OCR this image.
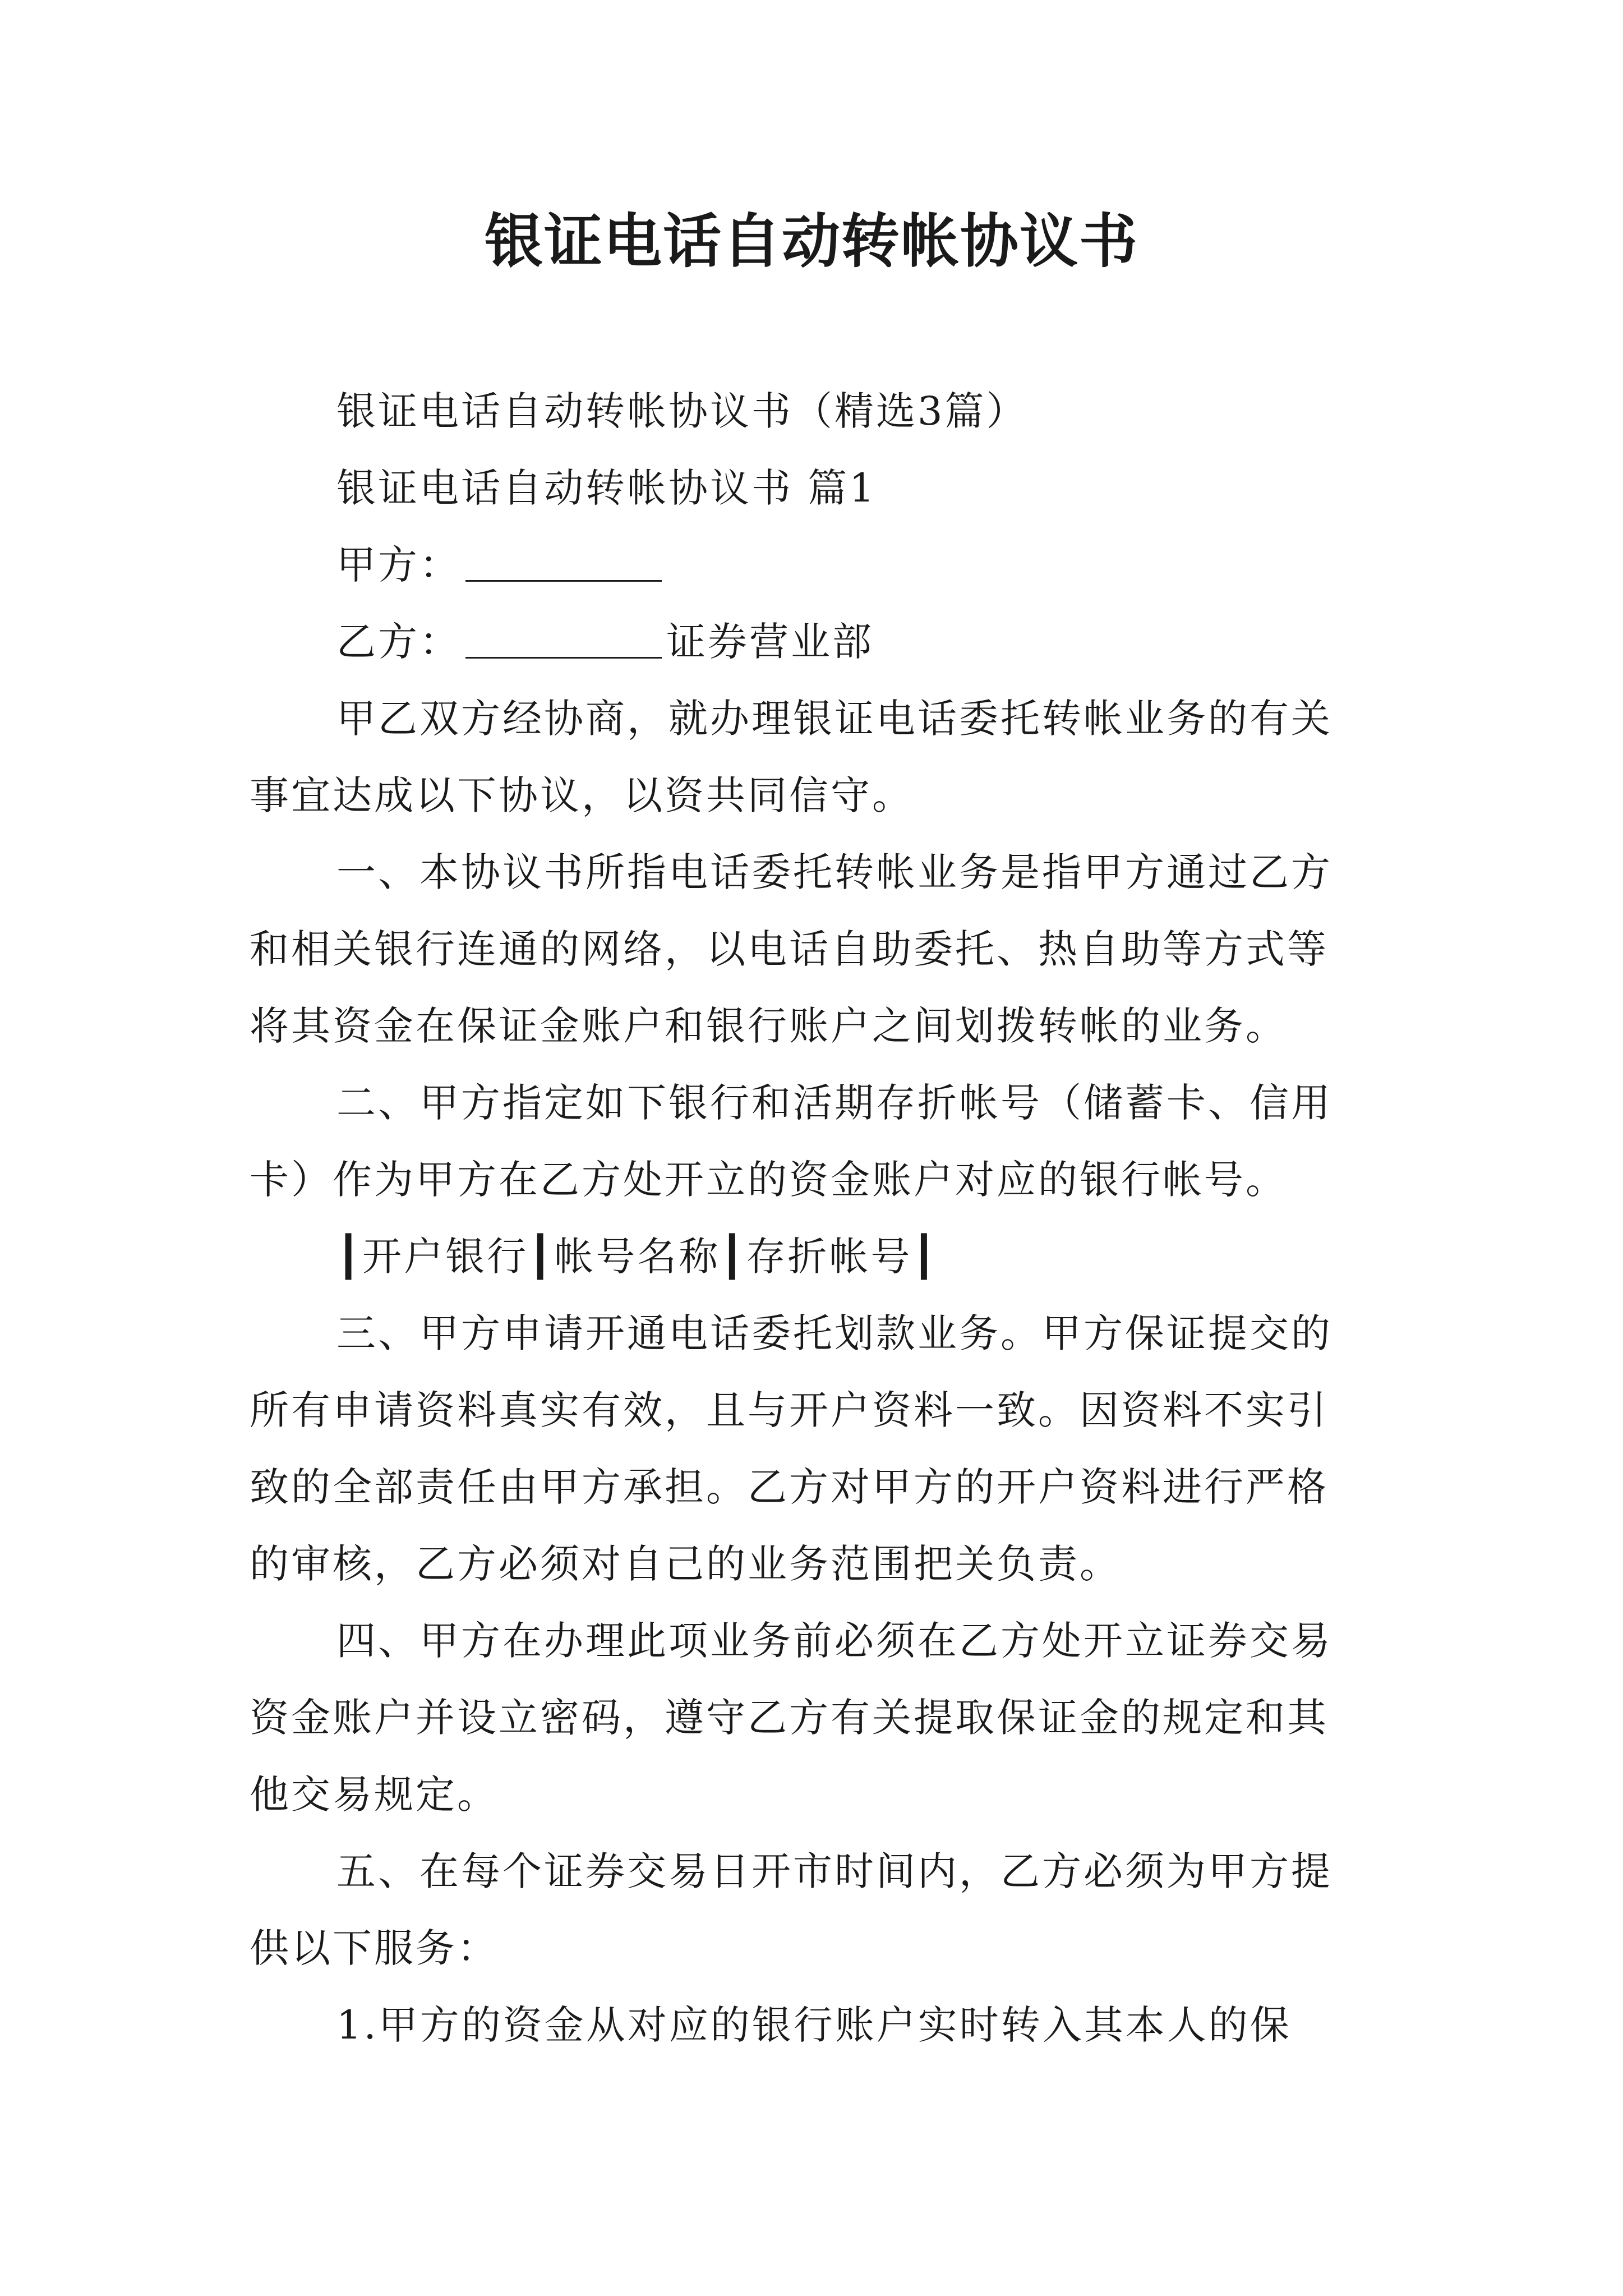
银证电话自动转帐协议书
银证电话自动转帐协议书（精选3篇）
银证电话自动转帐协议书 篇1
甲方：
乙方：	证券营业部
甲乙双方经协商，就办理银证电话委托转帐业务的有关
事宜达成以下协议，以资共同信守。
一、本协议书所指电话委托转帐业务是指甲方通过乙方
和相关银行连通的网络，以电话自助委托、热自助等方式等
将其资金在保证金账户和银行账户之间划拨转帐的业务。
二、甲方指定如下银行和活期存折帐号（储蓄卡、信用
卡）作为甲方在乙方处开立的资金账户对应的银行帐号。
┃开户银行┃帐号名称┃存折帐号┃
三、甲方申请开通电话委托划款业务。甲方保证提交的
所有申请资料真实有效，且与开户资料一致。因资料不实引
致的全部责任由甲方承担。乙方对甲方的开户资料进行严格
的审核，乙方必须对自己的业务范围把关负责。
四、甲方在办理此项业务前必须在乙方处开立证券交易
资金账户并设立密码，遵守乙方有关提取保证金的规定和其
他交易规定。
五、在每个证券交易日开市时间内，乙方必须为甲方提
供以下服务：
1.甲方的资金从对应的银行账户实时转入其本人的保
